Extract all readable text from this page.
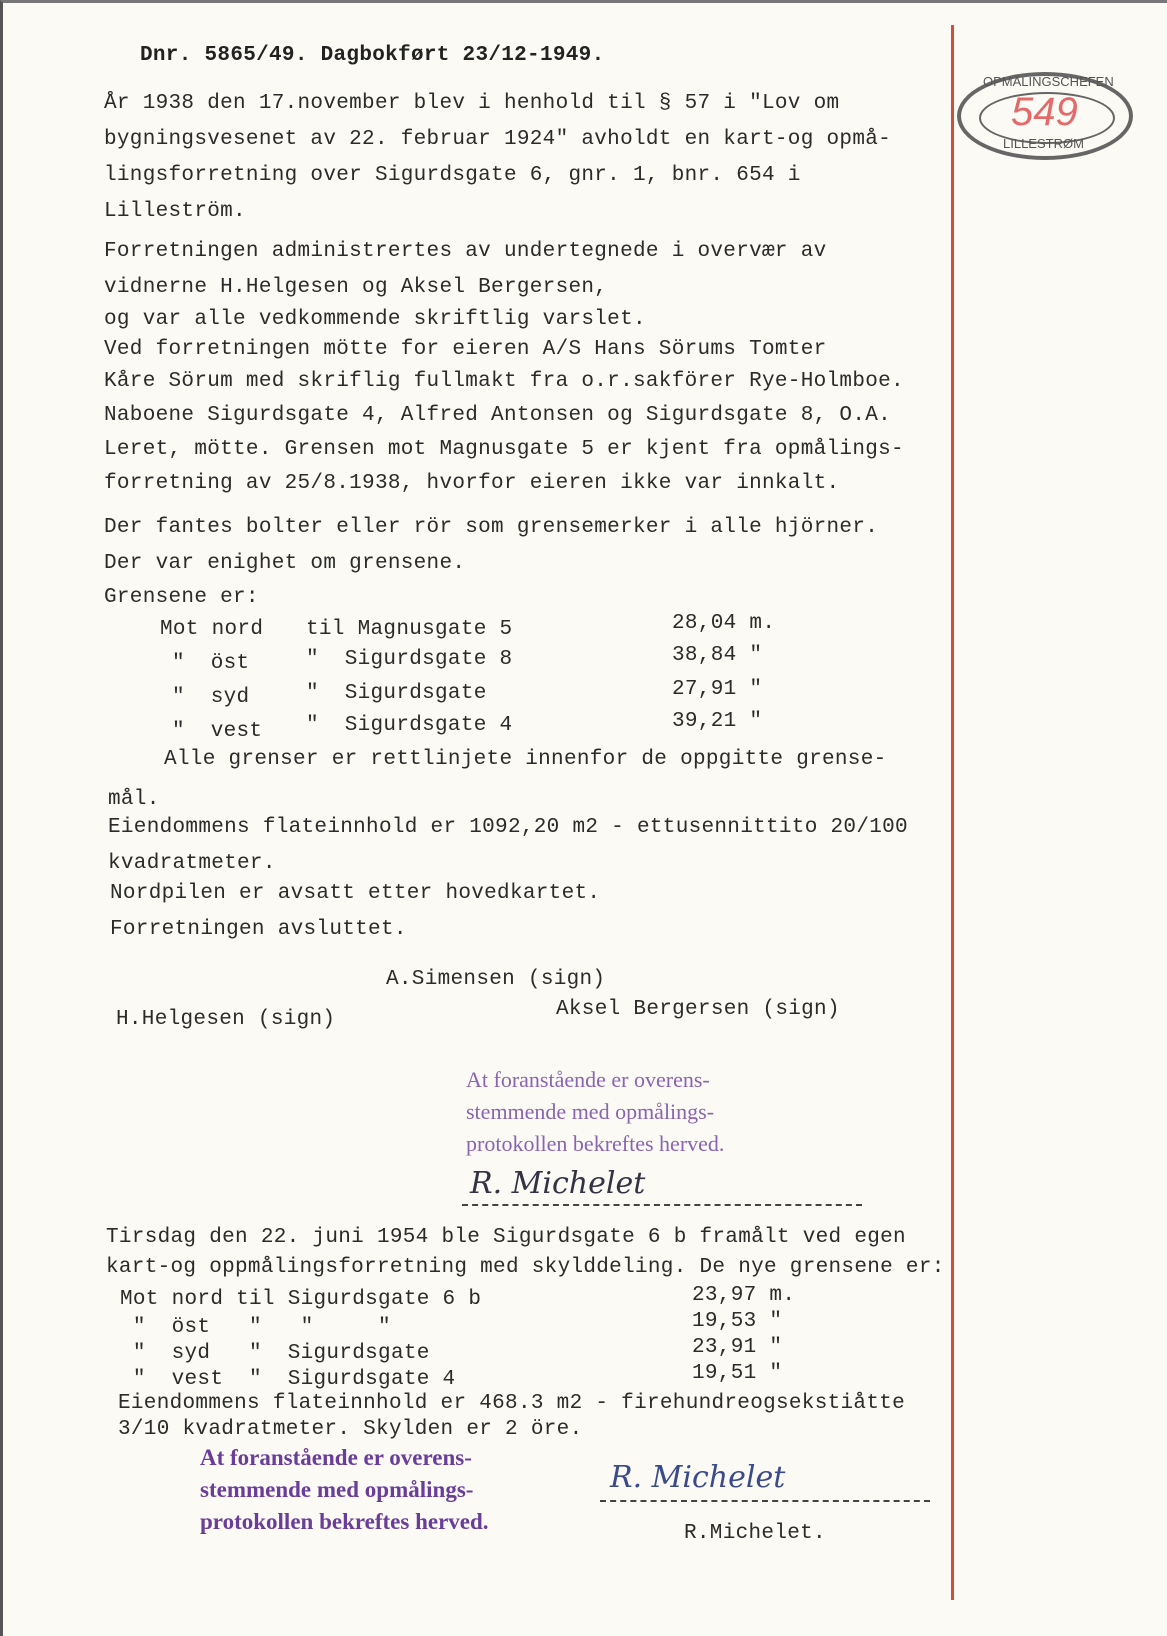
Dnr. 5865/49. Dagbokført 23/12-1949.
OPMÅLINGSCHEFEN
549
LILLESTRØM
År 1938 den 17.november blev i henhold til § 57 i "Lov om
bygningsvesenet av 22. februar 1924" avholdt en kart-og opmå-
lingsforretning over Sigurdsgate 6, gnr. 1, bnr. 654 i
Lilleström.
Forretningen administrertes av undertegnede i overvær av
vidnerne H.Helgesen og Aksel Bergersen,
og var alle vedkommende skriftlig varslet.
Ved forretningen mötte for eieren A/S Hans Sörums Tomter
Kåre Sörum med skriflig fullmakt fra o.r.sakförer Rye-Holmboe.
Naboene Sigurdsgate 4, Alfred Antonsen og Sigurdsgate 8, O.A.
Leret, mötte. Grensen mot Magnusgate 5 er kjent fra opmålings-
forretning av 25/8.1938, hvorfor eieren ikke var innkalt.
Der fantes bolter eller rör som grensemerker i alle hjörner.
Der var enighet om grensene.
Grensene er:
Mot nord til Magnusgate 5	28,04 m.
"  öst	"  Sigurdsgate 8	38,84 "
"  syd	"  Sigurdsgate	27,91 "
"  vest "  Sigurdsgate 4	39,21 "
Alle grenser er rettlinjete innenfor de oppgitte grense-
mål.
Eiendommens flateinnhold er 1092,20 m2 - ettusennittito 20/100
kvadratmeter.
Nordpilen er avsatt etter hovedkartet.
Forretningen avsluttet.
A.Simensen (sign)
Aksel Bergersen (sign)
H.Helgesen (sign)
At foranstående er overens-
stemmende med opmålings-
protokollen bekreftes herved.
R. Michelet
Tirsdag den 22. juni 1954 ble Sigurdsgate 6 b framålt ved egen
kart-og oppmålingsforretning med skylddeling. De nye grensene er:
Mot nord til Sigurdsgate 6 b	23,97 m.
"  öst   "   "     "	19,53 "
"  syd   "  Sigurdsgate	23,91 "
"  vest  "  Sigurdsgate 4	19,51 "
Eiendommens flateinnhold er 468.3 m2 - firehundreogsekstiåtte
3/10 kvadratmeter. Skylden er 2 öre.
At foranstående er overens-
stemmende med opmålings-
protokollen bekreftes herved.
R. Michelet
R.Michelet.
